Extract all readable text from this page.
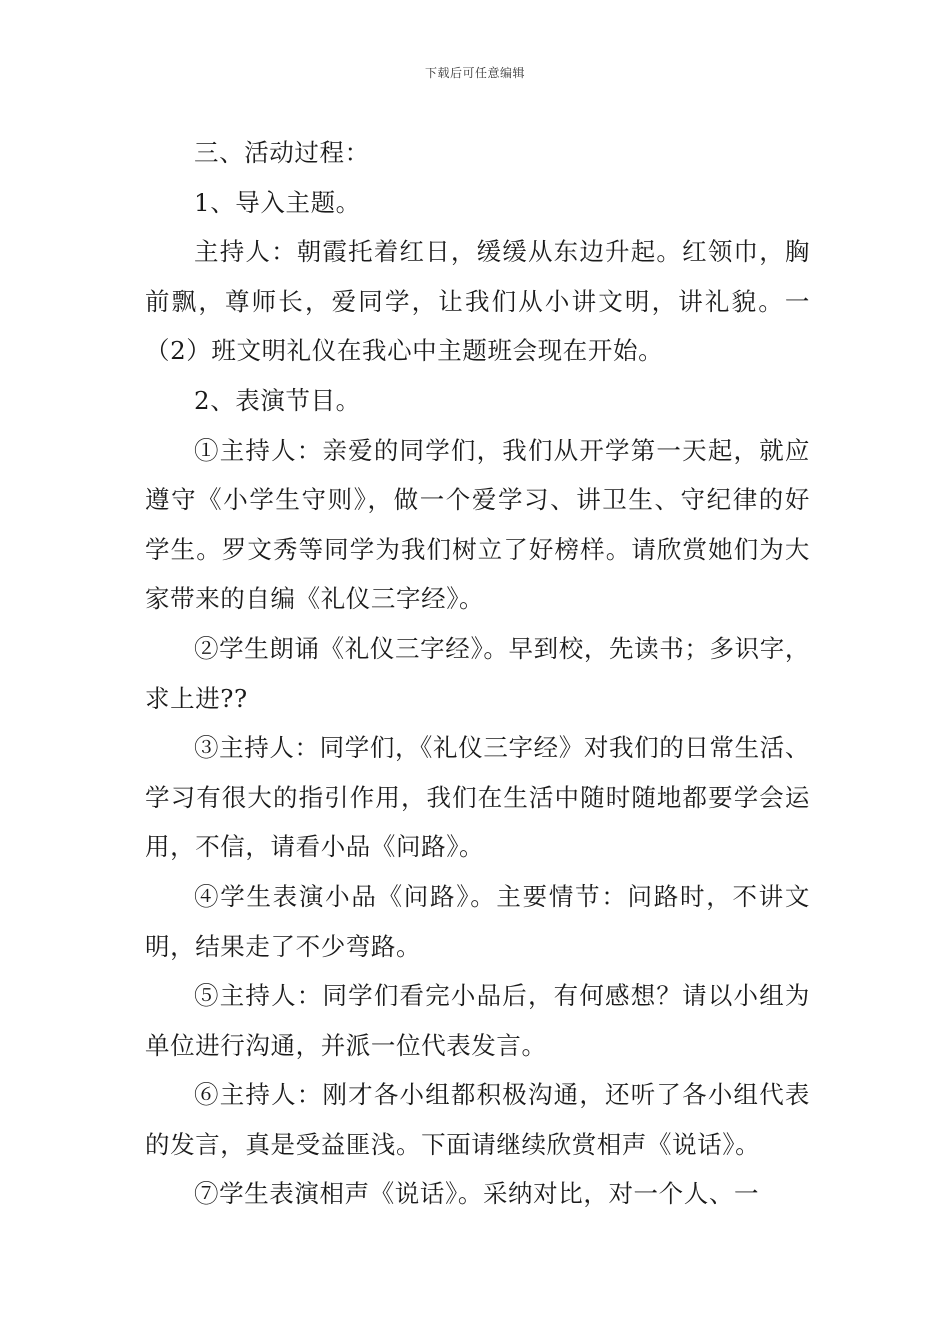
下载后可任意编辑

三、活动过程：

1、导入主题。

主持人：朝霞托着红日，缓缓从东边升起。红领巾，胸前飘，尊师长，爱同学，让我们从小讲文明，讲礼貌。一（2）班文明礼仪在我心中主题班会现在开始。

2、表演节目。

①主持人：亲爱的同学们，我们从开学第一天起，就应遵守《小学生守则》，做一个爱学习、讲卫生、守纪律的好学生。罗文秀等同学为我们树立了好榜样。请欣赏她们为大家带来的自编《礼仪三字经》。

②学生朗诵《礼仪三字经》。早到校，先读书；多识字，求上进??

③主持人：同学们，《礼仪三字经》对我们的日常生活、学习有很大的指引作用，我们在生活中随时随地都要学会运用，不信，请看小品《问路》。

④学生表演小品《问路》。主要情节：问路时，不讲文明，结果走了不少弯路。

⑤主持人：同学们看完小品后，有何感想？请以小组为单位进行沟通，并派一位代表发言。

⑥主持人：刚才各小组都积极沟通，还听了各小组代表的发言，真是受益匪浅。下面请继续欣赏相声《说话》。

⑦学生表演相声《说话》。采纳对比，对一个人、一
